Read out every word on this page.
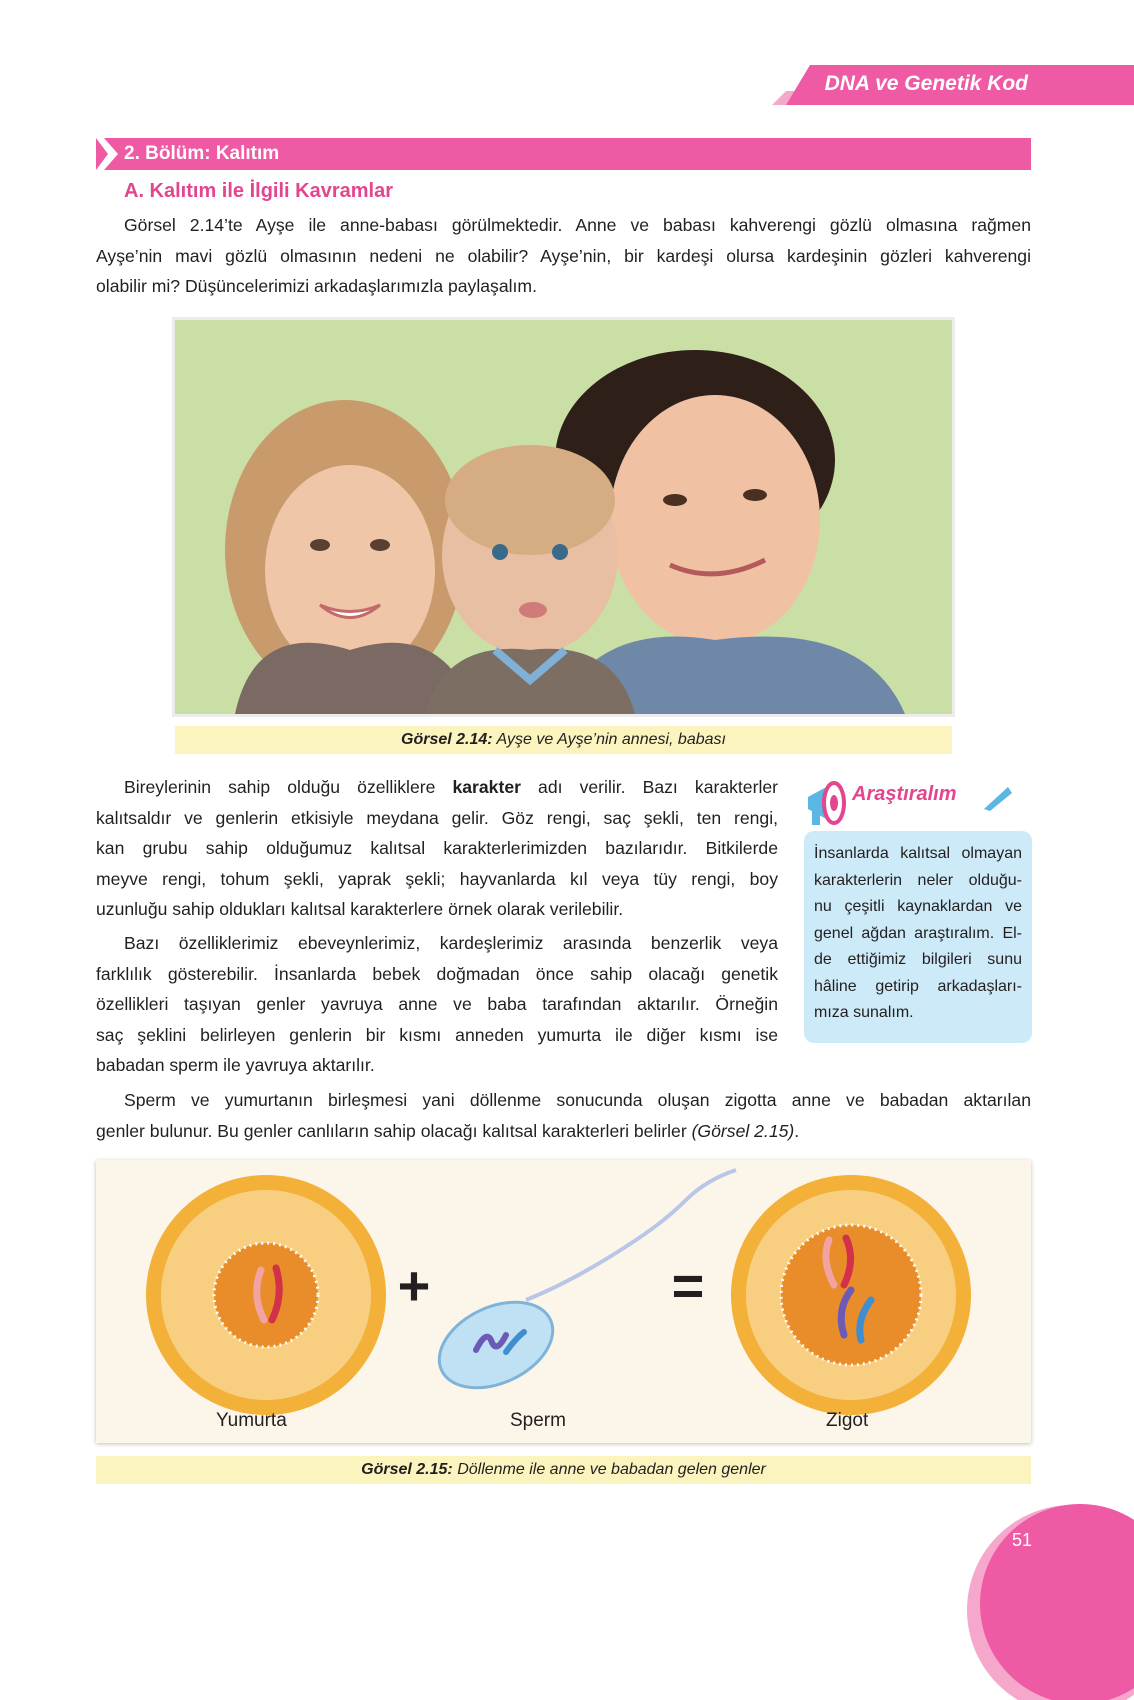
DNA ve Genetik Kod
2. Bölüm: Kalıtım
A. Kalıtım ile İlgili Kavramlar
Görsel 2.14’te Ayşe ile anne-babası görülmektedir. Anne ve babası kahverengi gözlü olmasına rağmen
Ayşe’nin mavi gözlü olmasının nedeni ne olabilir? Ayşe’nin, bir kardeşi olursa kardeşinin gözleri kahverengi
olabilir mi? Düşüncelerimizi arkadaşlarımızla paylaşalım.
Görsel 2.14: Ayşe ve Ayşe’nin annesi, babası
Bireylerinin sahip olduğu özelliklere karakter adı verilir. Bazı karakterler
kalıtsaldır ve genlerin etkisiyle meydana gelir. Göz rengi, saç şekli, ten rengi,
kan grubu sahip olduğumuz kalıtsal karakterlerimizden bazılarıdır. Bitkilerde
meyve rengi, tohum şekli, yaprak şekli; hayvanlarda kıl veya tüy rengi, boy
uzunluğu sahip oldukları kalıtsal karakterlere örnek olarak verilebilir.
Bazı özelliklerimiz ebeveynlerimiz, kardeşlerimiz arasında benzerlik veya
farklılık gösterebilir. İnsanlarda bebek doğmadan önce sahip olacağı genetik
özellikleri taşıyan genler yavruya anne ve baba tarafından aktarılır. Örneğin
saç şeklini belirleyen genlerin bir kısmı anneden yumurta ile diğer kısmı ise
babadan sperm ile yavruya aktarılır.
Araştıralım

İnsanlarda kalıtsal olmayan
karakterlerin neler olduğu-
nu çeşitli kaynaklardan ve
genel ağdan araştıralım. El-
de ettiğimiz bilgileri sunu
hâline getirip arkadaşları-
mıza sunalım.

Sperm ve yumurtanın birleşmesi yani döllenme sonucunda oluşan zigotta anne ve babadan aktarılan
genler bulunur. Bu genler canlıların sahip olacağı kalıtsal karakterleri belirler (Görsel 2.15).
+	=
Yumurta	Sperm	Zigot
Görsel 2.15: Döllenme ile anne ve babadan gelen genler
51
